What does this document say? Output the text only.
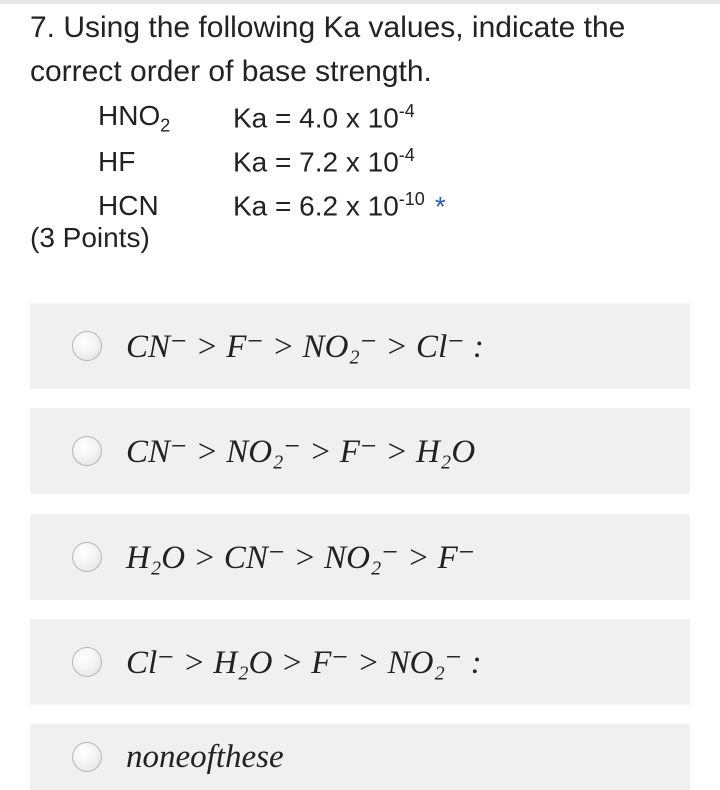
7. Using the following Ka values, indicate the correct order of base strength.
$HNO_2$	Ka = 4.0 x $10^{-4}$
HF	Ka = 7.2 x $10^{-4}$
HCN	Ka = 6.2 x $10^{-10}$ *
(3 Points)
CN⁻ > F⁻ > NO₂⁻ > Cl⁻ :
CN⁻ > NO₂⁻ > F⁻ > H₂O
H₂O > CN⁻ > NO₂⁻ > F⁻
Cl⁻ > H₂O > F⁻ > NO₂⁻ :
noneofthese
